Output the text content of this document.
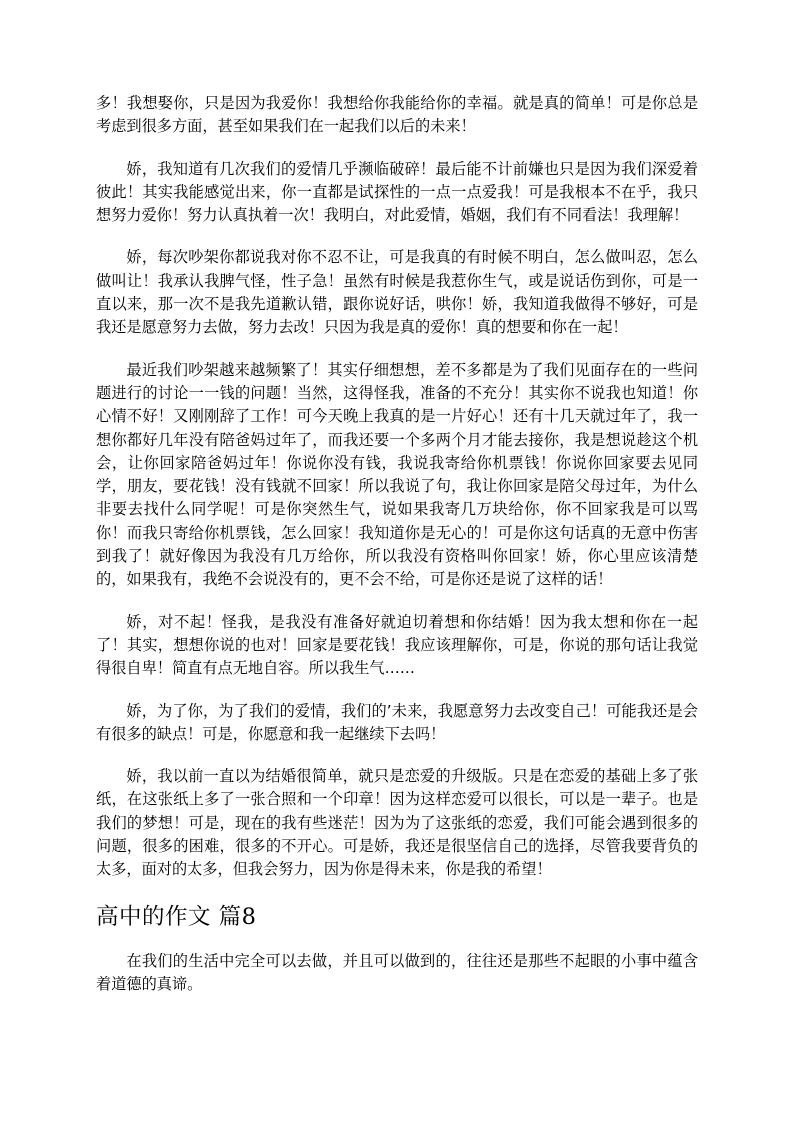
多！我想娶你，只是因为我爱你！我想给你我能给你的幸福。就是真的简单！可是你总是考虑到很多方面，甚至如果我们在一起我们以后的未来！

娇，我知道有几次我们的爱情几乎濒临破碎！最后能不计前嫌也只是因为我们深爱着彼此！其实我能感觉出来，你一直都是试探性的一点一点爱我！可是我根本不在乎，我只想努力爱你！努力认真执着一次！我明白，对此爱情，婚姻，我们有不同看法！我理解！

娇，每次吵架你都说我对你不忍不让，可是我真的有时候不明白，怎么做叫忍，怎么做叫让！我承认我脾气怪，性子急！虽然有时候是我惹你生气，或是说话伤到你，可是一直以来，那一次不是我先道歉认错，跟你说好话，哄你！娇，我知道我做得不够好，可是我还是愿意努力去做，努力去改！只因为我是真的爱你！真的想要和你在一起！

最近我们吵架越来越频繁了！其实仔细想想，差不多都是为了我们见面存在的一些问题进行的讨论一一钱的问题！当然，这得怪我，准备的不充分！其实你不说我也知道！你心情不好！又刚刚辞了工作！可今天晚上我真的是一片好心！还有十几天就过年了，我一想你都好几年没有陪爸妈过年了，而我还要一个多两个月才能去接你，我是想说趁这个机会，让你回家陪爸妈过年！你说你没有钱，我说我寄给你机票钱！你说你回家要去见同学，朋友，要花钱！没有钱就不回家！所以我说了句，我让你回家是陪父母过年，为什么非要去找什么同学呢！可是你突然生气，说如果我寄几万块给你，你不回家我是可以骂你！而我只寄给你机票钱，怎么回家！我知道你是无心的！可是你这句话真的无意中伤害到我了！就好像因为我没有几万给你，所以我没有资格叫你回家！娇，你心里应该清楚的，如果我有，我绝不会说没有的，更不会不给，可是你还是说了这样的话！

娇，对不起！怪我，是我没有准备好就迫切着想和你结婚！因为我太想和你在一起了！其实，想想你说的也对！回家是要花钱！我应该理解你，可是，你说的那句话让我觉得很自卑！简直有点无地自容。所以我生气……

娇，为了你，为了我们的爱情，我们的’未来，我愿意努力去改变自己！可能我还是会有很多的缺点！可是，你愿意和我一起继续下去吗！

娇，我以前一直以为结婚很简单，就只是恋爱的升级版。只是在恋爱的基础上多了张纸，在这张纸上多了一张合照和一个印章！因为这样恋爱可以很长，可以是一辈子。也是我们的梦想！可是，现在的我有些迷茫！因为为了这张纸的恋爱，我们可能会遇到很多的问题，很多的困难，很多的不开心。可是娇，我还是很坚信自己的选择，尽管我要背负的太多，面对的太多，但我会努力，因为你是得未来，你是我的希望！

高中的作文 篇8

在我们的生活中完全可以去做，并且可以做到的，往往还是那些不起眼的小事中蕴含着道德的真谛。
